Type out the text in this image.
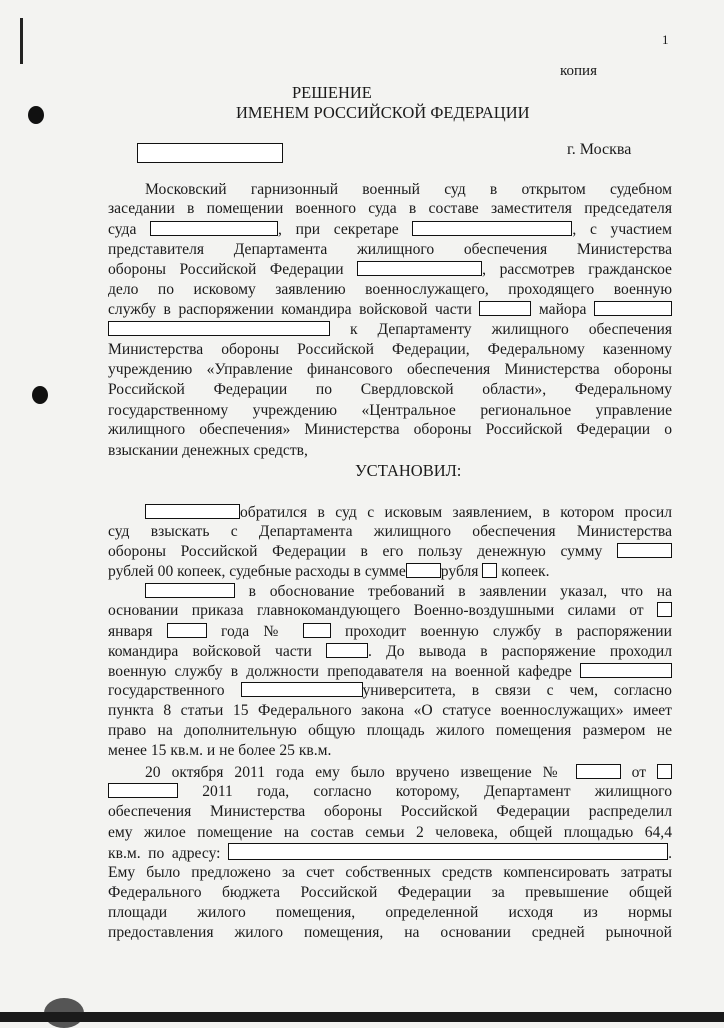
1
копия
РЕШЕНИЕ
ИМЕНЕМ РОССИЙСКОЙ ФЕДЕРАЦИИ
г. Москва
Московский гарнизонный военный суд в открытом судебном
заседании в помещении военного суда в составе заместителя председателя
суда	, при секретаре	, с участием
представителя Департамента жилищного обеспечения Министерства
обороны Российской Федерации	, рассмотрев гражданское
дело по исковому заявлению военнослужащего, проходящего военную
службу в распоряжении командира войсковой части	майора
к Департаменту жилищного обеспечения
Министерства обороны Российской Федерации, Федеральному казенному
учреждению «Управление финансового обеспечения Министерства обороны
Российской Федерации по Свердловской области», Федеральному
государственному учреждению «Центральное региональное управление
жилищного обеспечения» Министерства обороны Российской Федерации о
взыскании денежных средств,
обратился в суд с исковым заявлением, в котором просил
суд взыскать с Департамента жилищного обеспечения Министерства
обороны Российской Федерации в его пользу денежную сумму
рублей 00 копеек, судебные расходы в сумме рубля  копеек.
в обоснование требований в заявлении указал, что на
основании приказа главнокомандующего Военно-воздушными силами от
января	года №  проходит военную службу в распоряжении
командира войсковой части	. До вывода в распоряжение проходил
военную службу в должности преподавателя на военной кафедре
государственного	университета, в связи с чем, согласно
пункта 8 статьи 15 Федерального закона «О статусе военнослужащих» имеет
право на дополнительную общую площадь жилого помещения размером не
менее 15 кв.м. и не более 25 кв.м.
20 октября 2011 года ему было вручено извещение №	от
2011 года, согласно которому, Департамент жилищного
обеспечения Министерства обороны Российской Федерации распределил
ему жилое помещение на состав семьи 2 человека, общей площадью 64,4
кв.м. по адресу:	.
Ему было предложено за счет собственных средств компенсировать затраты
Федерального бюджета Российской Федерации за превышение общей
площади жилого помещения, определенной исходя из нормы
предоставления жилого помещения, на основании средней рыночной
УСТАНОВИЛ:
